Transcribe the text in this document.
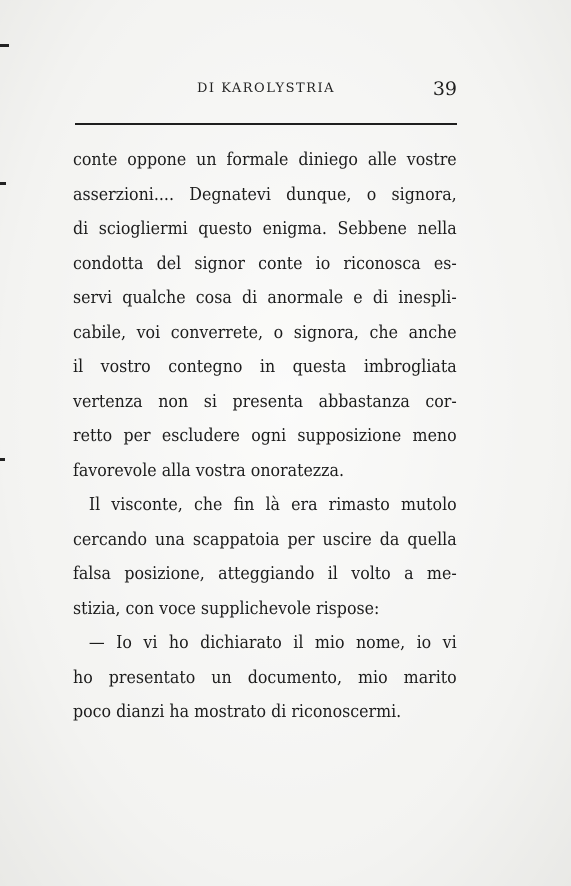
DI KAROLYSTRIA	39
conte oppone un formale diniego alle vostre
asserzioni.... Degnatevi dunque, o signora,
di sciogliermi questo enigma. Sebbene nella
condotta del signor conte io riconosca es-
servi qualche cosa di anormale e di inespli-
cabile, voi converrete, o signora, che anche
il vostro contegno in questa imbrogliata
vertenza non si presenta abbastanza cor-
retto per escludere ogni supposizione meno
favorevole alla vostra onoratezza.
Il visconte, che fin là era rimasto mutolo
cercando una scappatoia per uscire da quella
falsa posizione, atteggiando il volto a me-
stizia, con voce supplichevole rispose:
— Io vi ho dichiarato il mio nome, io vi
ho presentato un documento, mio marito
poco dianzi ha mostrato di riconoscermi.
